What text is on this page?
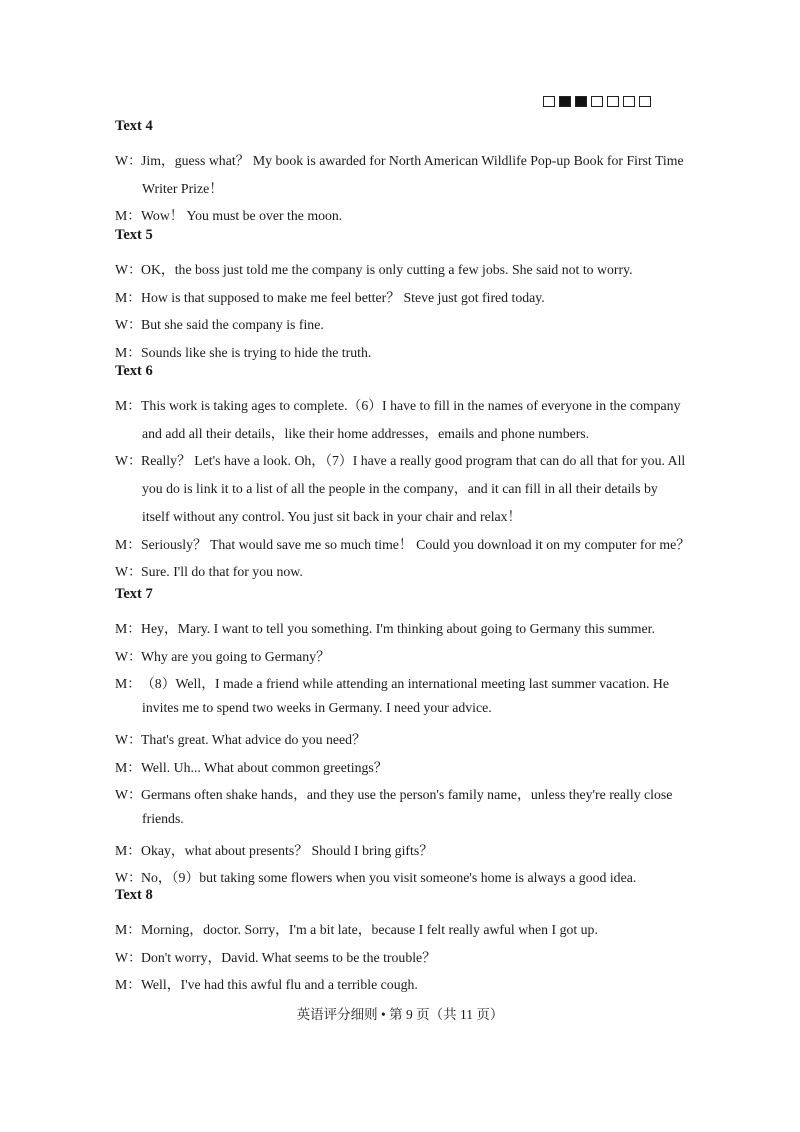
Text 4
W：Jim，guess what？ My book is awarded for North American Wildlife Pop-up Book for First Time
Writer Prize！
M：Wow！ You must be over the moon.
Text 5
W：OK，the boss just told me the company is only cutting a few jobs. She said not to worry.
M：How is that supposed to make me feel better？ Steve just got fired today.
W：But she said the company is fine.
M：Sounds like she is trying to hide the truth.
Text 6
M：This work is taking ages to complete.（6）I have to fill in the names of everyone in the company
and add all their details，like their home addresses，emails and phone numbers.
W：Really？ Let's have a look. Oh，（7）I have a really good program that can do all that for you. All
you do is link it to a list of all the people in the company，and it can fill in all their details by
itself without any control. You just sit back in your chair and relax！
M：Seriously？ That would save me so much time！ Could you download it on my computer for me？
W：Sure. I'll do that for you now.
Text 7
M：Hey，Mary. I want to tell you something. I'm thinking about going to Germany this summer.
W：Why are you going to Germany？
M：（8）Well，I made a friend while attending an international meeting last summer vacation. He
invites me to spend two weeks in Germany. I need your advice.
W：That's great. What advice do you need？
M：Well. Uh... What about common greetings？
W：Germans often shake hands，and they use the person's family name，unless they're really close
friends.
M：Okay，what about presents？ Should I bring gifts？
W：No，（9）but taking some flowers when you visit someone's home is always a good idea.
Text 8
M：Morning，doctor. Sorry，I'm a bit late，because I felt really awful when I got up.
W：Don't worry，David. What seems to be the trouble？
M：Well，I've had this awful flu and a terrible cough.
英语评分细则 • 第 9 页（共 11 页）
